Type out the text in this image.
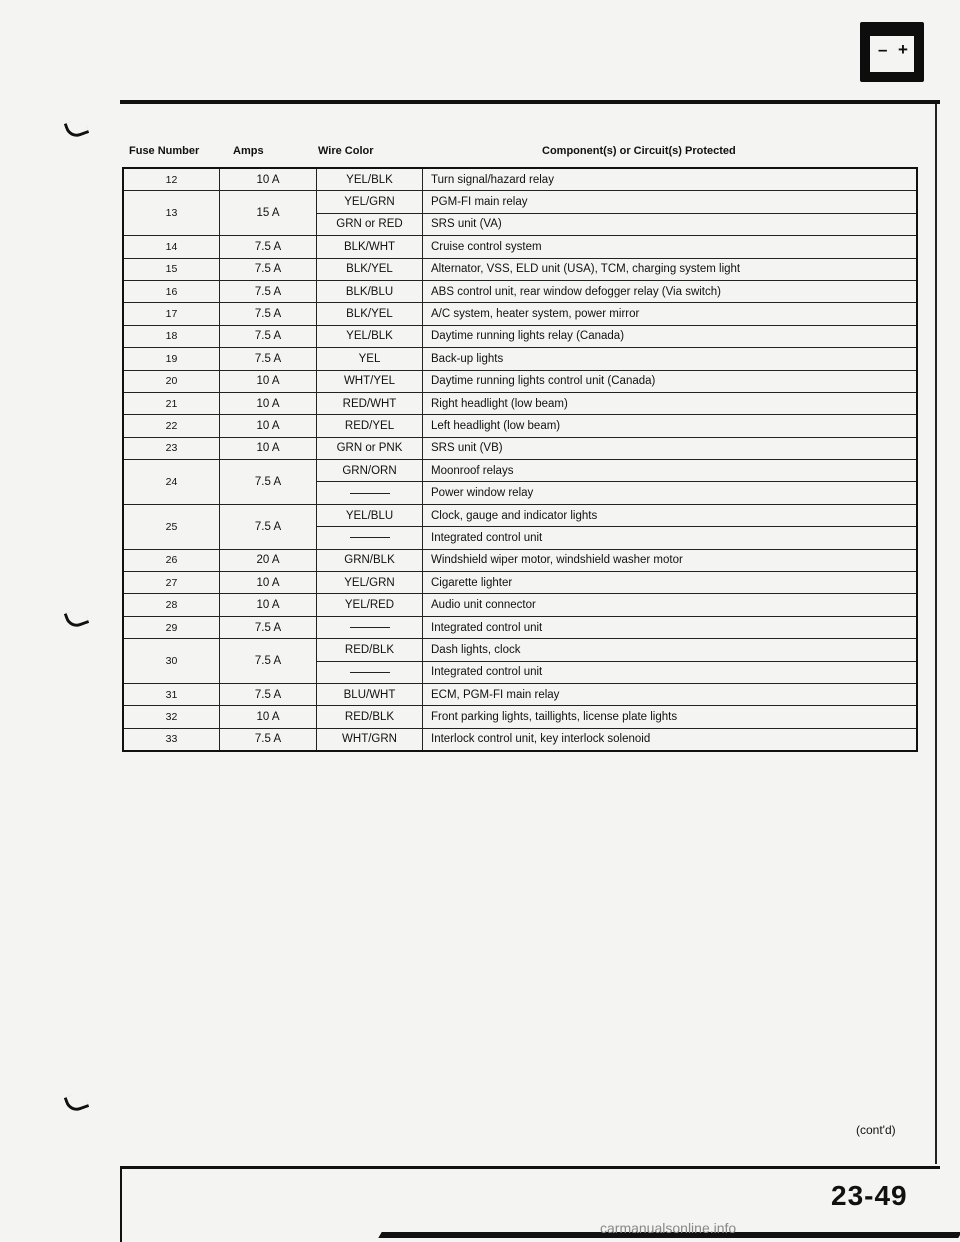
– +
Fuse Number	Amps	Wire Color	Component(s) or Circuit(s) Protected
12	10 A	YEL/BLK	Turn signal/hazard relay
13	15 A	YEL/GRN	PGM-FI main relay
		GRN or RED	SRS unit (VA)
14	7.5 A	BLK/WHT	Cruise control system
15	7.5 A	BLK/YEL	Alternator, VSS, ELD unit (USA), TCM, charging system light
16	7.5 A	BLK/BLU	ABS control unit, rear window defogger relay (Via switch)
17	7.5 A	BLK/YEL	A/C system, heater system, power mirror
18	7.5 A	YEL/BLK	Daytime running lights relay (Canada)
19	7.5 A	YEL	Back-up lights
20	10 A	WHT/YEL	Daytime running lights control unit (Canada)
21	10 A	RED/WHT	Right headlight (low beam)
22	10 A	RED/YEL	Left headlight (low beam)
23	10 A	GRN or PNK	SRS unit (VB)
24	7.5 A	GRN/ORN	Moonroof relays
			Power window relay
25	7.5 A	YEL/BLU	Clock, gauge and indicator lights
			Integrated control unit
26	20 A	GRN/BLK	Windshield wiper motor, windshield washer motor
27	10 A	YEL/GRN	Cigarette lighter
28	10 A	YEL/RED	Audio unit connector
29	7.5 A		Integrated control unit
30	7.5 A	RED/BLK	Dash lights, clock
			Integrated control unit
31	7.5 A	BLU/WHT	ECM, PGM-FI main relay
32	10 A	RED/BLK	Front parking lights, taillights, license plate lights
33	7.5 A	WHT/GRN	Interlock control unit, key interlock solenoid
(cont'd)
23-49
carmanualsonline.info
